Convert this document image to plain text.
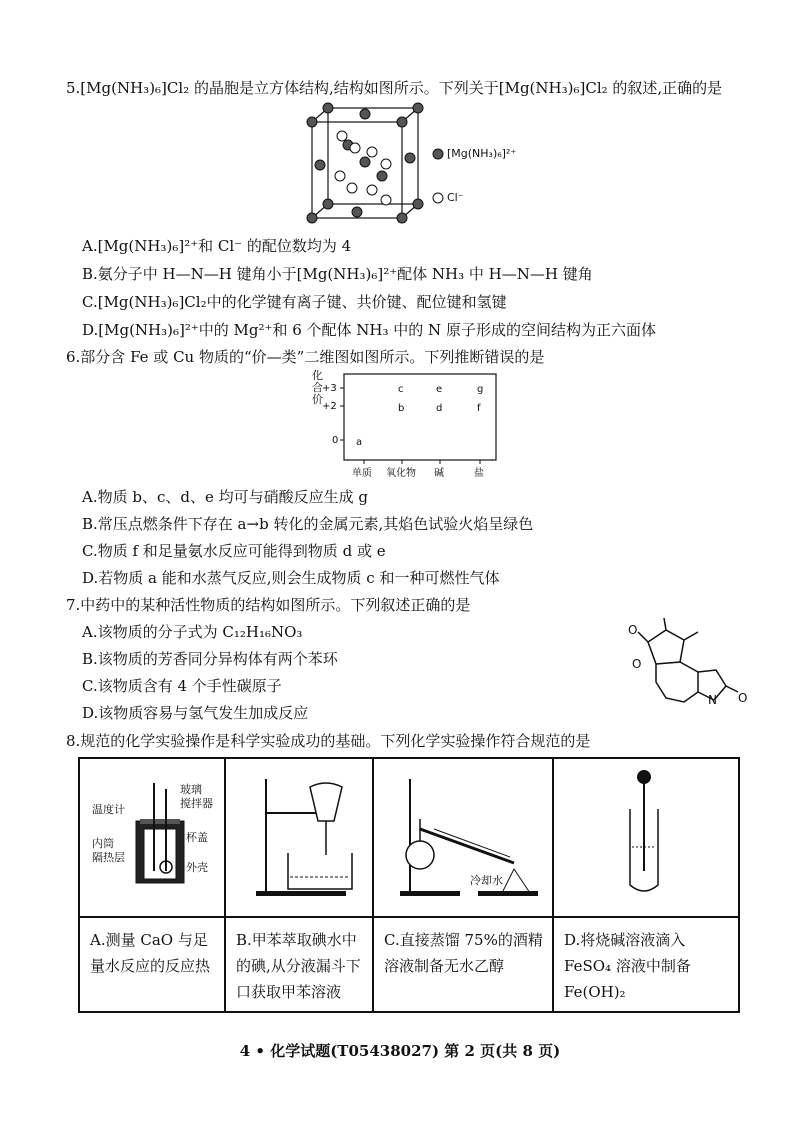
5.[Mg(NH₃)₆]Cl₂ 的晶胞是立方体结构,结构如图所示。下列关于[Mg(NH₃)₆]Cl₂ 的叙述,正确的是
[Mg(NH₃)₆]²⁺
Cl⁻
A.[Mg(NH₃)₆]²⁺和 Cl⁻ 的配位数均为 4
B.氨分子中 H—N—H 键角小于[Mg(NH₃)₆]²⁺配体 NH₃ 中 H—N—H 键角
C.[Mg(NH₃)₆]Cl₂中的化学键有离子键、共价键、配位键和氢键
D.[Mg(NH₃)₆]²⁺中的 Mg²⁺和 6 个配体 NH₃ 中的 N 原子形成的空间结构为正六面体
6.部分含 Fe 或 Cu 物质的“价—类”二维图如图所示。下列推断错误的是
+3
+2
0 a
b
c
d
e
f
g
单质 氧化物 碱	盐
化合价
A.物质 b、c、d、e 均可与硝酸反应生成 g
B.常压点燃条件下存在 a→b 转化的金属元素,其焰色试验火焰呈绿色
C.物质 f 和足量氨水反应可能得到物质 d 或 e
D.若物质 a 能和水蒸气反应,则会生成物质 c 和一种可燃性气体
7.中药中的某种活性物质的结构如图所示。下列叙述正确的是
A.该物质的分子式为 C₁₂H₁₆NO₃
B.该物质的芳香同分异构体有两个苯环
C.该物质含有 4 个手性碳原子
D.该物质容易与氢气发生加成反应
O
O
N O
8.规范的化学实验操作是科学实验成功的基础。下列化学实验操作符合规范的是
玻璃
搅拌器
温度计
杯盖
内筒
隔热层
外壳
A.测量 CaO 与足量水反应的反应热
B.甲苯萃取碘水中的碘,从分液漏斗下口获取甲苯溶液
冷却水
C.直接蒸馏 75%的酒精溶液制备无水乙醇
D.将烧碱溶液滴入 FeSO₄ 溶液中制备 Fe(OH)₂
4 • 化学试题(T05438027) 第 2 页(共 8 页)
